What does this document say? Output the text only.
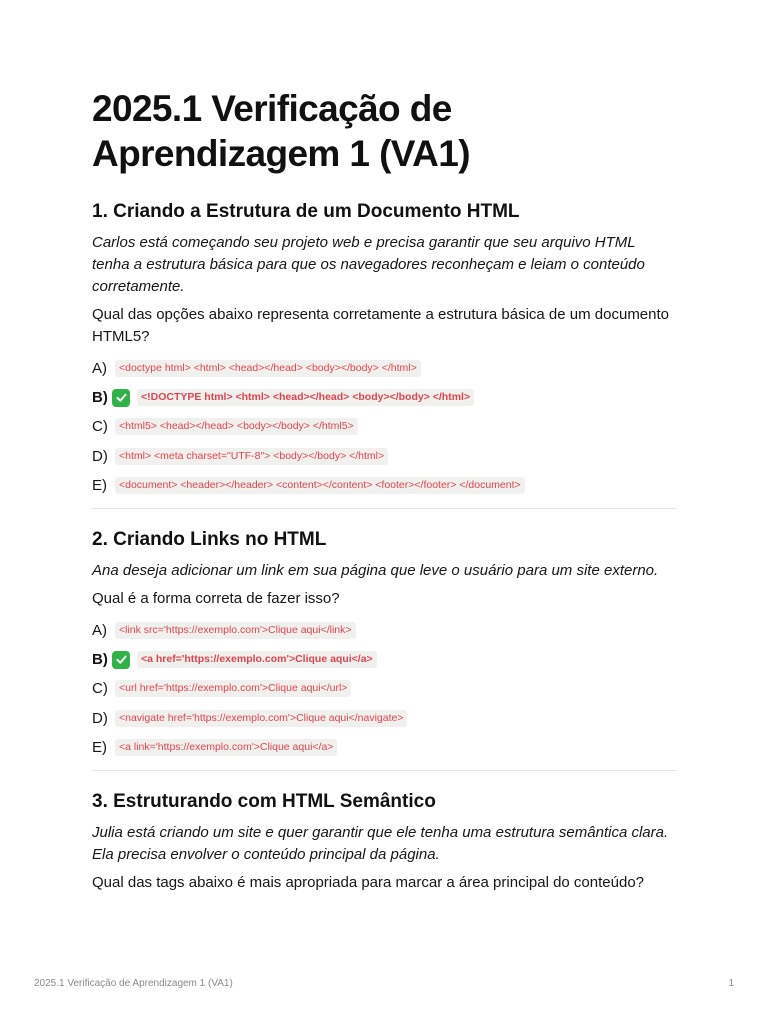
2025.1 Verificação de Aprendizagem 1 (VA1)
1. Criando a Estrutura de um Documento HTML

Carlos está começando seu projeto web e precisa garantir que seu arquivo HTML tenha a estrutura básica para que os navegadores reconheçam e leiam o conteúdo corretamente.

Qual das opções abaixo representa corretamente a estrutura básica de um documento HTML5?

A)	<doctype html> <html> <head></head> <body></body> </html>
B)	<!DOCTYPE html> <html> <head></head> <body></body> </html>
C)	<html5> <head></head> <body></body> </html5>
D)	<html> <meta charset="UTF-8"> <body></body> </html>
E)	<document> <header></header> <content></content> <footer></footer> </document>
2. Criando Links no HTML

Ana deseja adicionar um link em sua página que leve o usuário para um site externo.

Qual é a forma correta de fazer isso?

A)	<link src='https://exemplo.com'>Clique aqui</link>
B)	<a href='https://exemplo.com'>Clique aqui</a>
C)	<url href='https://exemplo.com'>Clique aqui</url>
D)	<navigate href='https://exemplo.com'>Clique aqui</navigate>
E)	<a link='https://exemplo.com'>Clique aqui</a>
3. Estruturando com HTML Semântico

Julia está criando um site e quer garantir que ele tenha uma estrutura semântica clara. Ela precisa envolver o conteúdo principal da página.

Qual das tags abaixo é mais apropriada para marcar a área principal do conteúdo?

2025.1 Verificação de Aprendizagem 1 (VA1)	1
